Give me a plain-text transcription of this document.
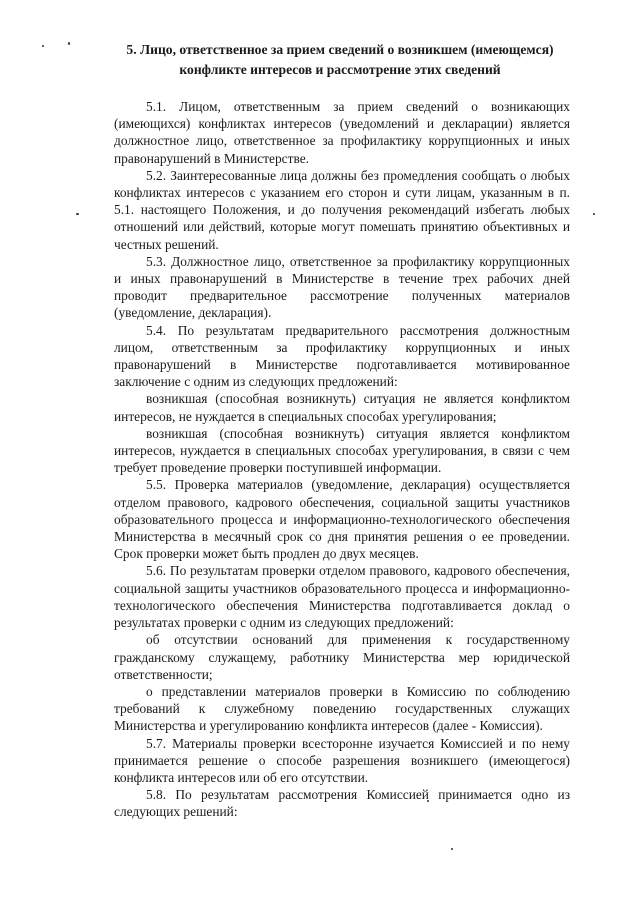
5. Лицо, ответственное за прием сведений о возникшем (имеющемся)
конфликте интересов и рассмотрение этих сведений

5.1. Лицом, ответственным за прием сведений о возникающих (имеющихся) конфликтах интересов (уведомлений и декларации) является должностное лицо, ответственное за профилактику коррупционных и иных правонарушений в Министерстве.

5.2. Заинтересованные лица должны без промедления сообщать о любых конфликтах интересов с указанием его сторон и сути лицам, указанным в п. 5.1. настоящего Положения, и до получения рекомендаций избегать любых отношений или действий, которые могут помешать принятию объективных и честных решений.

5.3. Должностное лицо, ответственное за профилактику коррупционных и иных правонарушений в Министерстве в течение трех рабочих дней проводит предварительное рассмотрение полученных материалов (уведомление, декларация).

5.4. По результатам предварительного рассмотрения должностным лицом, ответственным за профилактику коррупционных и иных правонарушений в Министерстве подготавливается мотивированное заключение с одним из следующих предложений:

возникшая (способная возникнуть) ситуация не является конфликтом интересов, не нуждается в специальных способах урегулирования;

возникшая (способная возникнуть) ситуация является конфликтом интересов, нуждается в специальных способах урегулирования, в связи с чем требует проведение проверки поступившей информации.

5.5. Проверка материалов (уведомление, декларация) осуществляется отделом правового, кадрового обеспечения, социальной защиты участников образовательного процесса и информационно-технологического обеспечения Министерства в месячный срок со дня принятия решения о ее проведении. Срок проверки может быть продлен до двух месяцев.

5.6. По результатам проверки отделом правового, кадрового обеспечения, социальной защиты участников образовательного процесса и информационно-технологического обеспечения Министерства подготавливается доклад о результатах проверки с одним из следующих предложений:

об отсутствии оснований для применения к государственному гражданскому служащему, работнику Министерства мер юридической ответственности;

о представлении материалов проверки в Комиссию по соблюдению требований к служебному поведению государственных служащих Министерства и урегулированию конфликта интересов (далее - Комиссия).

5.7. Материалы проверки всесторонне изучается Комиссией и по нему принимается решение о способе разрешения возникшего (имеющегося) конфликта интересов или об его отсутствии.

5.8. По результатам рассмотрения Комиссией принимается одно из следующих решений:
